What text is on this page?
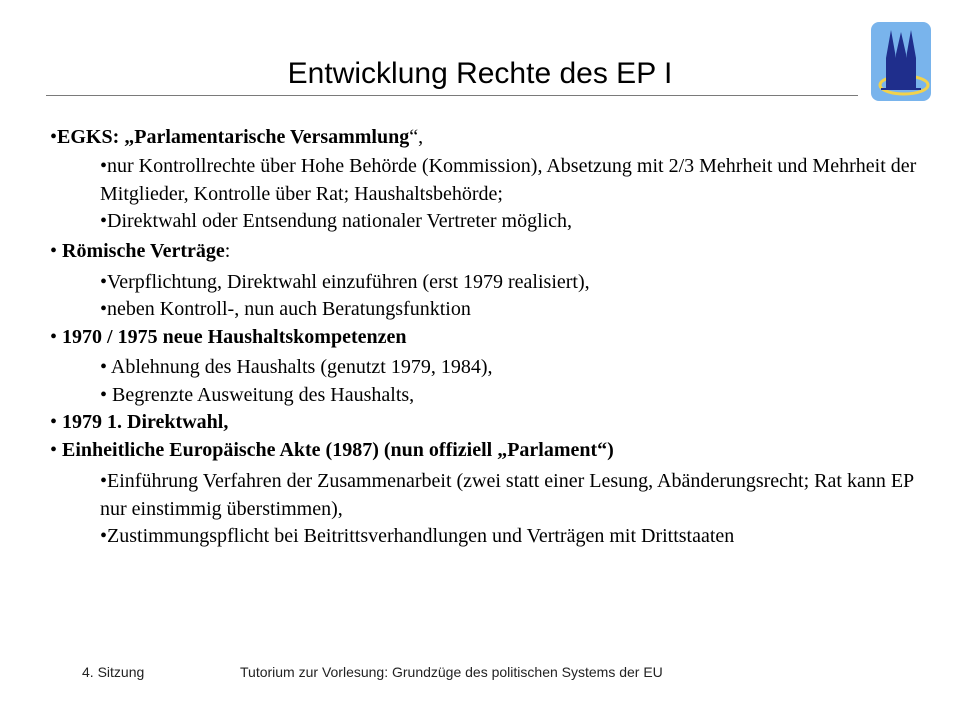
Entwicklung Rechte des EP I
•EGKS: „Parlamentarische Versammlung“,
•nur Kontrollrechte über Hohe Behörde (Kommission), Absetzung mit 2/3 Mehrheit und Mehrheit der Mitglieder, Kontrolle über Rat; Haushaltsbehörde;
•Direktwahl oder Entsendung nationaler Vertreter möglich,
• Römische Verträge:
•Verpflichtung, Direktwahl einzuführen (erst 1979 realisiert),
•neben Kontroll-, nun auch Beratungsfunktion
• 1970 / 1975 neue Haushaltskompetenzen
• Ablehnung des Haushalts (genutzt 1979, 1984),
• Begrenzte Ausweitung des Haushalts,
• 1979 1. Direktwahl,
• Einheitliche Europäische Akte (1987) (nun offiziell „Parlament“)
•Einführung Verfahren der Zusammenarbeit (zwei statt einer Lesung, Abänderungsrecht; Rat kann EP nur einstimmig überstimmen),
•Zustimmungspflicht bei Beitrittsverhandlungen und Verträgen mit Drittstaaten
4. Sitzung	Tutorium zur Vorlesung: Grundzüge des politischen Systems der EU
